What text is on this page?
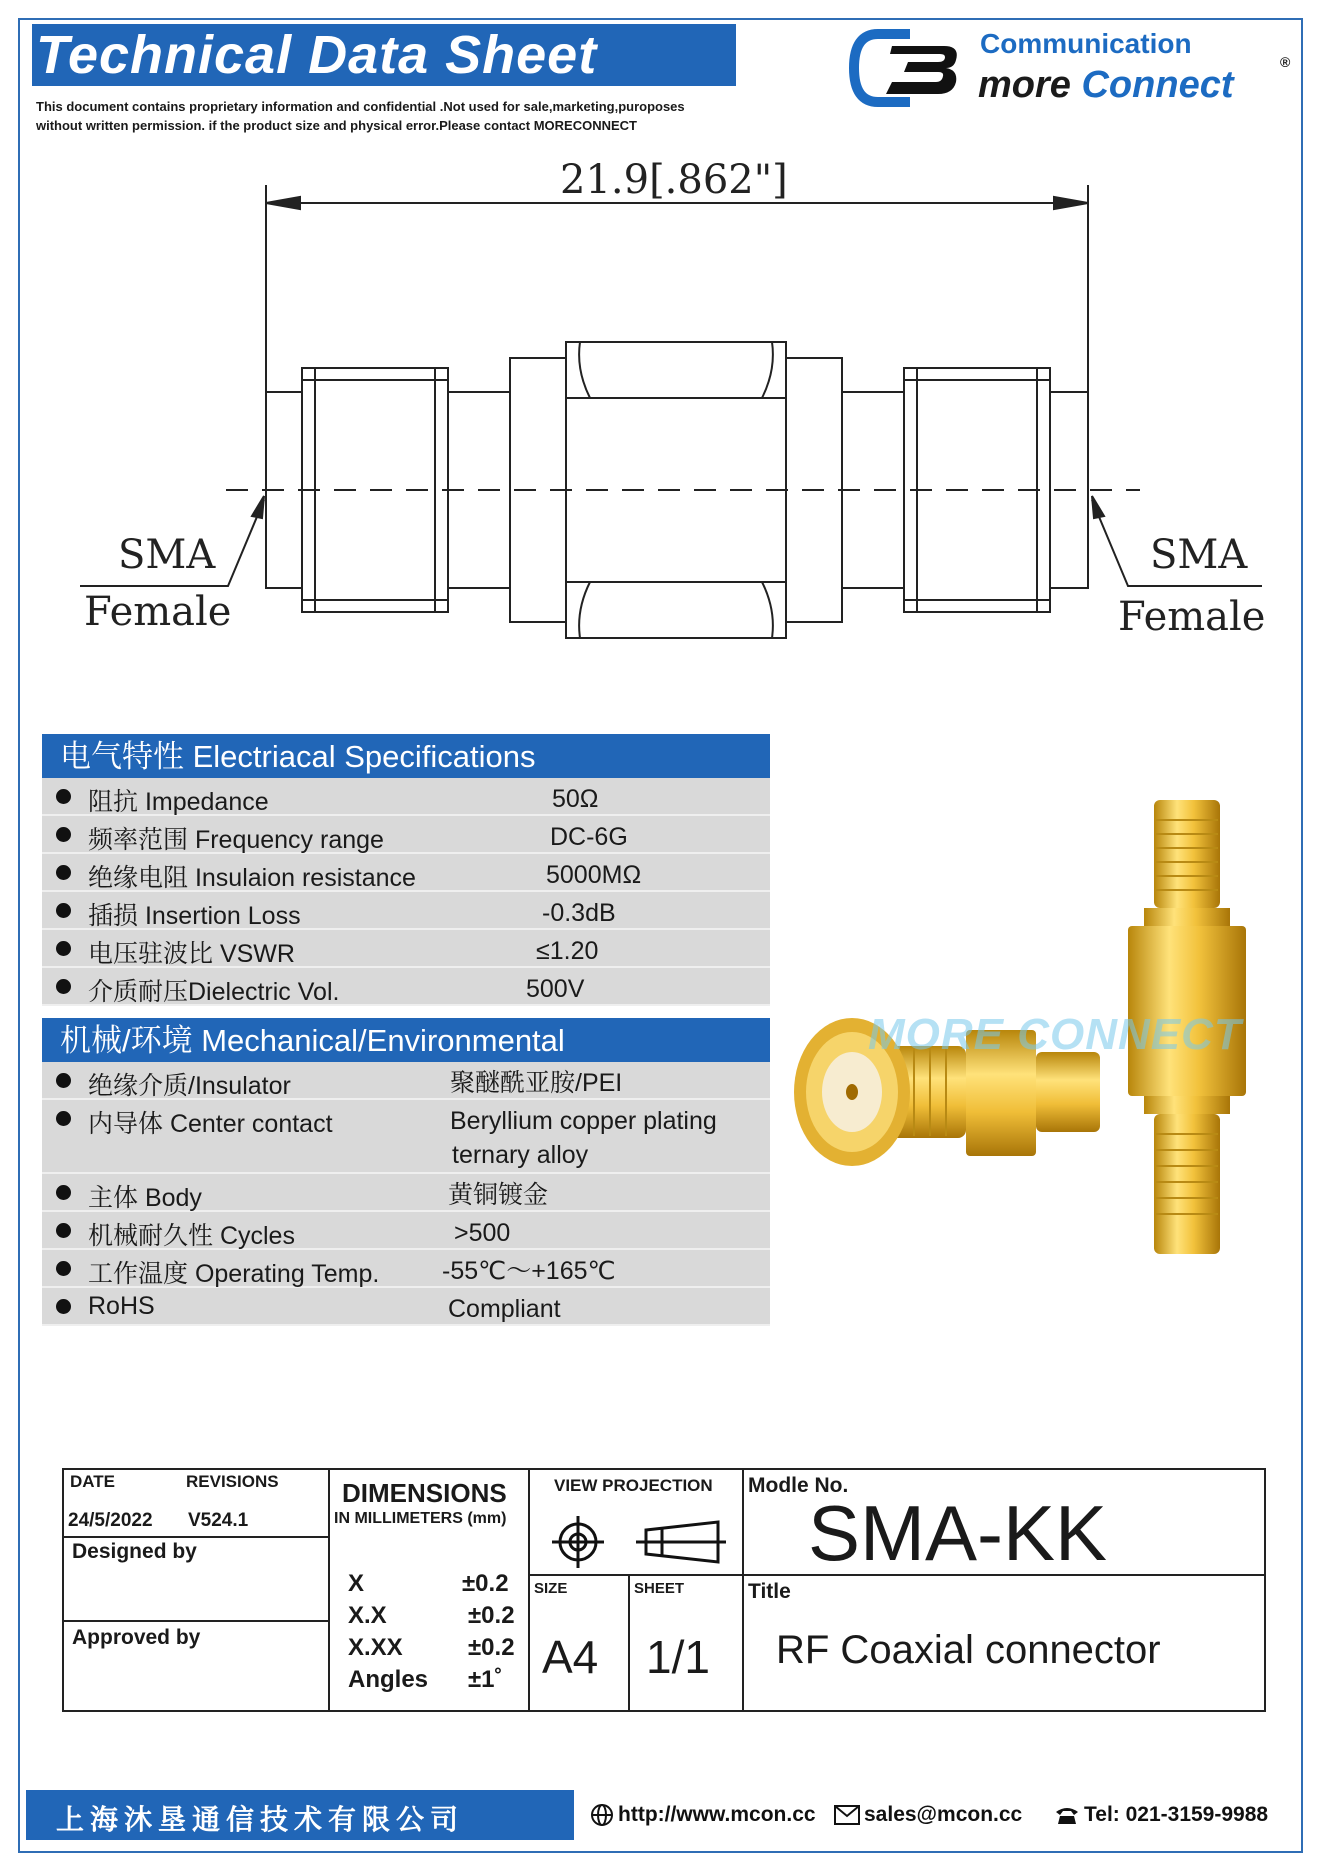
Technical Data Sheet
This document contains proprietary information and confidential .Not used for sale,marketing,puroposes
without written permission. if the product size and physical error.Please contact MORECONNECT
Communication
more Connect
®
21.9[.862"]
SMA
Female
SMA
Female
电气特性 Electriacal Specifications
阻抗 Impedance	50Ω
频率范围 Frequency range	DC-6G
绝缘电阻 Insulaion resistance	5000MΩ
插损 Insertion Loss	-0.3dB
电压驻波比 VSWR	≤1.20
介质耐压Dielectric Vol.	500V
机械/环境 Mechanical/Environmental
绝缘介质/Insulator	聚醚酰亚胺/PEI
内导体 Center contact	Beryllium copper plating
ternary alloy
主体 Body	黄铜镀金
机械耐久性 Cycles	>500
工作温度 Operating Temp.	-55℃～+165℃
RoHS	Compliant
MORE CONNECT
DATE	REVISIONS
24/5/2022 V524.1
Designed by
Approved by
DIMENSIONS
IN MILLIMETERS (mm)
X	±0.2
X.X	±0.2
X.XX	±0.2
Angles ±1˚
VIEW PROJECTION
SIZE	SHEET
A4 1/1
Modle No.
SMA-KK
Title
RF Coaxial connector
上海沐垦通信技术有限公司	http://www.mcon.cc	sales@mcon.cc	Tel: 021-3159-9988
